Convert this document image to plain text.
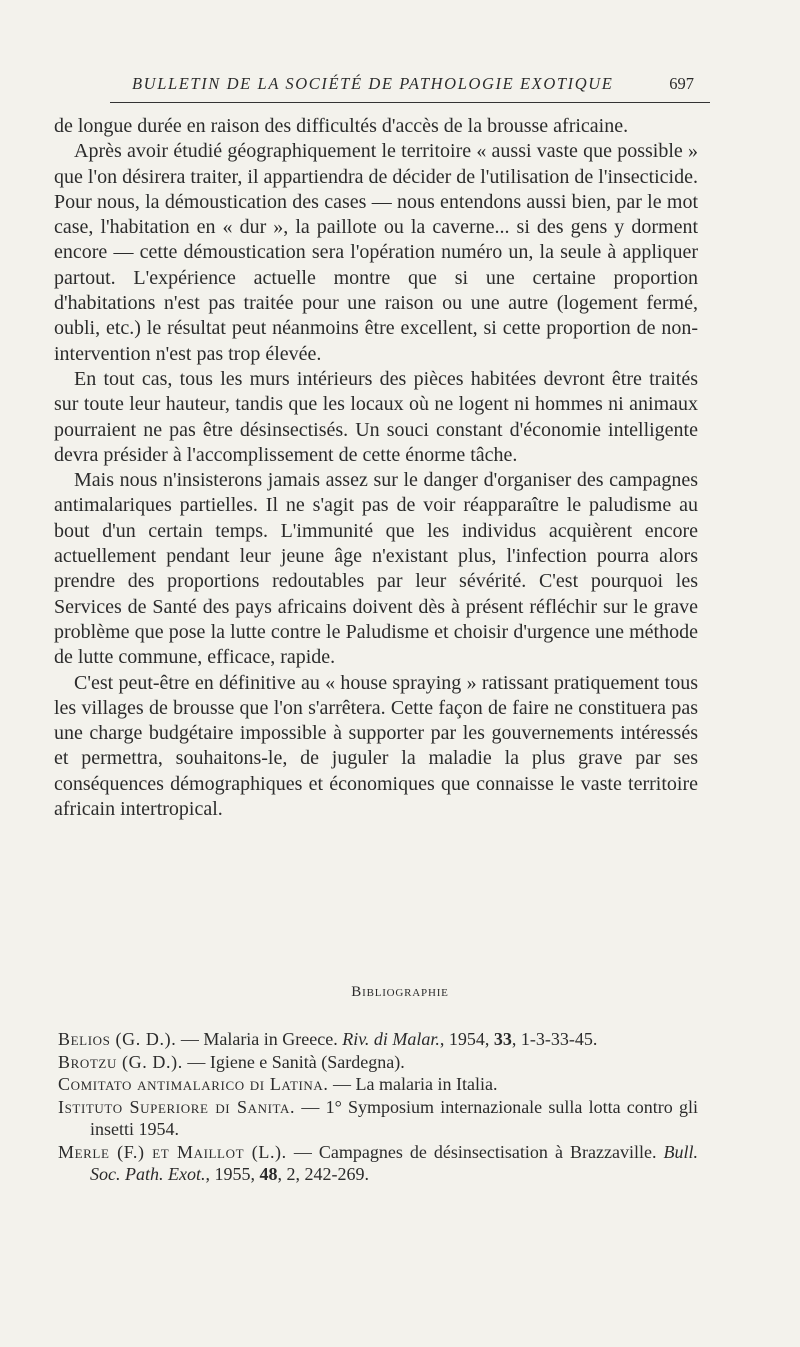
BULLETIN DE LA SOCIÉTÉ DE PATHOLOGIE EXOTIQUE	697

de longue durée en raison des difficultés d'accès de la brousse africaine.

Après avoir étudié géographiquement le territoire « aussi vaste que possible » que l'on désirera traiter, il appartiendra de décider de l'utilisation de l'insecticide. Pour nous, la démoustication des cases — nous entendons aussi bien, par le mot case, l'habitation en « dur », la paillote ou la caverne... si des gens y dorment encore — cette démoustication sera l'opération numéro un, la seule à appliquer partout. L'expérience actuelle montre que si une certaine proportion d'habitations n'est pas traitée pour une raison ou une autre (logement fermé, oubli, etc.) le résultat peut néanmoins être excellent, si cette proportion de non-intervention n'est pas trop élevée.

En tout cas, tous les murs intérieurs des pièces habitées devront être traités sur toute leur hauteur, tandis que les locaux où ne logent ni hommes ni animaux pourraient ne pas être désinsectisés. Un souci constant d'économie intelligente devra présider à l'accomplissement de cette énorme tâche.

Mais nous n'insisterons jamais assez sur le danger d'organiser des campagnes antimalariques partielles. Il ne s'agit pas de voir réapparaître le paludisme au bout d'un certain temps. L'immunité que les individus acquièrent encore actuellement pendant leur jeune âge n'existant plus, l'infection pourra alors prendre des proportions redoutables par leur sévérité. C'est pourquoi les Services de Santé des pays africains doivent dès à présent réfléchir sur le grave problème que pose la lutte contre le Paludisme et choisir d'urgence une méthode de lutte commune, efficace, rapide.

C'est peut-être en définitive au « house spraying » ratissant pratiquement tous les villages de brousse que l'on s'arrêtera. Cette façon de faire ne constituera pas une charge budgétaire impossible à supporter par les gouvernements intéressés et permettra, souhaitons-le, de juguler la maladie la plus grave par ses conséquences démographiques et économiques que connaisse le vaste territoire africain intertropical.

Bibliographie
Belios (G. D.). — Malaria in Greece. Riv. di Malar., 1954, 33, 1-3-33-45.
Brotzu (G. D.). — Igiene e Sanità (Sardegna).
Comitato antimalarico di Latina. — La malaria in Italia.
Istituto Superiore di Sanita. — 1° Symposium internazionale sulla lotta contro gli insetti 1954.
Merle (F.) et Maillot (L.). — Campagnes de désinsectisation à Brazzaville. Bull. Soc. Path. Exot., 1955, 48, 2, 242-269.
